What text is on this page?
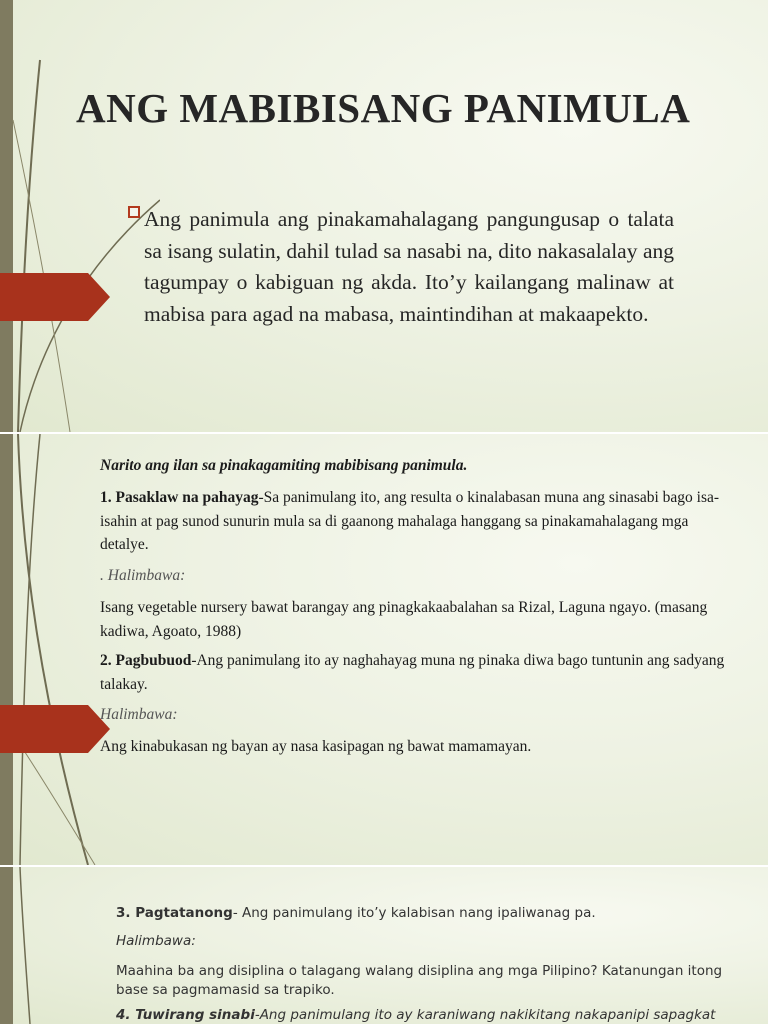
ANG MABIBISANG PANIMULA

Ang panimula ang pinakamahalagang pangungusap o talata sa isang sulatin, dahil tulad sa nasabi na, dito nakasalalay ang tagumpay o kabiguan ng akda. Ito’y kailangang malinaw at mabisa para agad na mabasa, maintindihan at makaapekto.

Narito ang ilan sa pinakagamiting mabibisang panimula.

1. Pasaklaw na pahayag-Sa panimulang ito, ang resulta o kinalabasan muna ang sinasabi bago isa-isahin at pag sunod sunurin mula sa di gaanong mahalaga hanggang sa pinakamahalagang mga detalye.

. Halimbawa:

Isang vegetable nursery bawat barangay ang pinagkakaabalahan sa Rizal, Laguna ngayo. (masang kadiwa, Agoato, 1988)

2. Pagbubuod-Ang panimulang ito ay naghahayag muna ng pinaka diwa bago tuntunin ang sadyang talakay.

Halimbawa:

Ang kinabukasan ng bayan ay nasa kasipagan ng bawat mamamayan.

3. Pagtatanong- Ang panimulang ito’y kalabisan nang ipaliwanag pa.

Halimbawa:

Maahina ba ang disiplina o talagang walang disiplina ang mga Pilipino? Katanungan itong base sa pagmamasid sa trapiko.

4. Tuwirang sinabi-Ang panimulang ito ay karaniwang nakikitang nakapanipi sapagkat
